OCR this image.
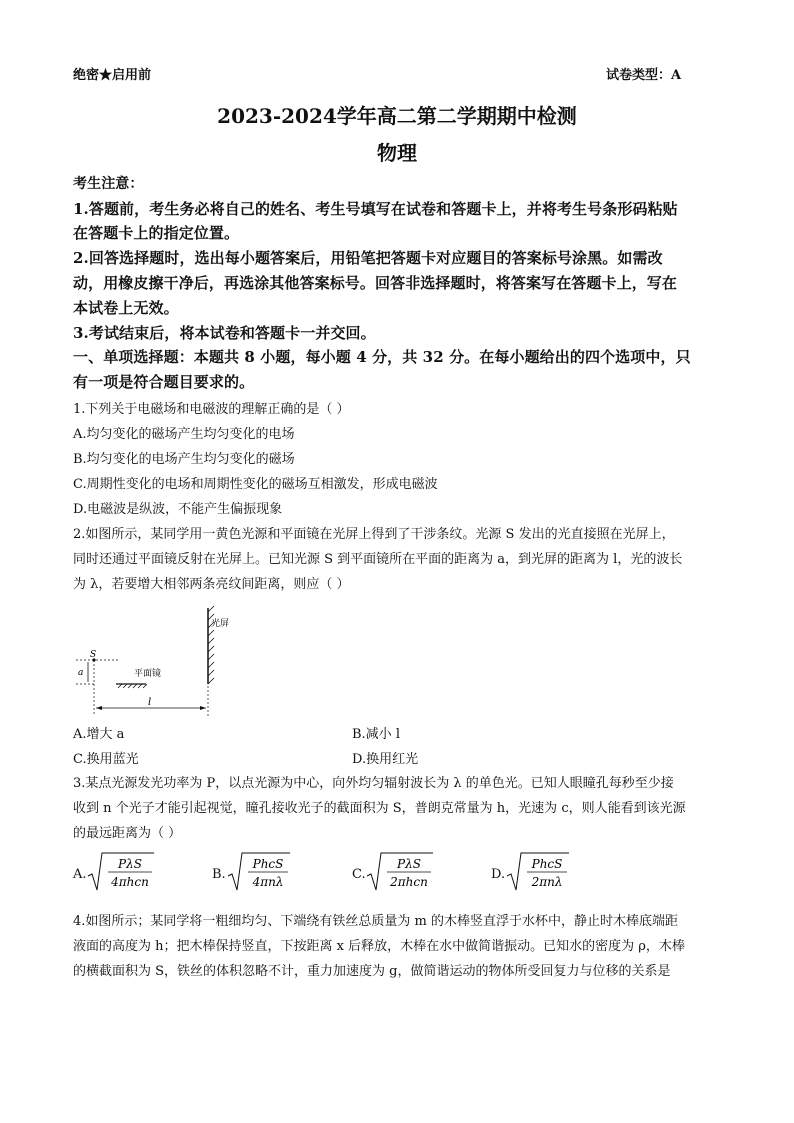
绝密★启用前	试卷类型：A
2023-2024学年高二第二学期期中检测
物理
考生注意：
1.答题前，考生务必将自己的姓名、考生号填写在试卷和答题卡上，并将考生号条形码粘贴
在答题卡上的指定位置。
2.回答选择题时，选出每小题答案后，用铅笔把答题卡对应题目的答案标号涂黑。如需改
动，用橡皮擦干净后，再选涂其他答案标号。回答非选择题时，将答案写在答题卡上，写在
本试卷上无效。
3.考试结束后，将本试卷和答题卡一并交回。
一、单项选择题：本题共 8 小题，每小题 4 分，共 32 分。在每小题给出的四个选项中，只
有一项是符合题目要求的。
1.下列关于电磁场和电磁波的理解正确的是（ ）
A.均匀变化的磁场产生均匀变化的电场
B.均匀变化的电场产生均匀变化的磁场
C.周期性变化的电场和周期性变化的磁场互相激发，形成电磁波
D.电磁波是纵波，不能产生偏振现象
2.如图所示，某同学用一黄色光源和平面镜在光屏上得到了干涉条纹。光源 S 发出的光直接照在光屏上，
同时还通过平面镜反射在光屏上。已知光源 S 到平面镜所在平面的距离为 a，到光屏的距离为 l，光的波长
为 λ，若要增大相邻两条亮纹间距离，则应（ ）
光屏
S
a	平面镜
l
A.增大 a	B.减小 l
C.换用蓝光	D.换用红光
3.某点光源发光功率为 P，以点光源为中心，向外均匀辐射波长为 λ 的单色光。已知人眼瞳孔每秒至少接
收到 n 个光子才能引起视觉，瞳孔接收光子的截面积为 S，普朗克常量为 h，光速为 c，则人能看到该光源
的最远距离为（ ）
A.
PλS
4πhcn	B.
PhcS
4πnλ	C.
PλS
2πhcn	D.
PhcS
2πnλ
4.如图所示；某同学将一粗细均匀、下端绕有铁丝总质量为 m 的木棒竖直浮于水杯中，静止时木棒底端距
液面的高度为 h；把木棒保持竖直，下按距离 x 后释放，木棒在水中做简谐振动。已知水的密度为 ρ，木棒
的横截面积为 S，铁丝的体积忽略不计，重力加速度为 g，做简谐运动的物体所受回复力与位移的关系是
